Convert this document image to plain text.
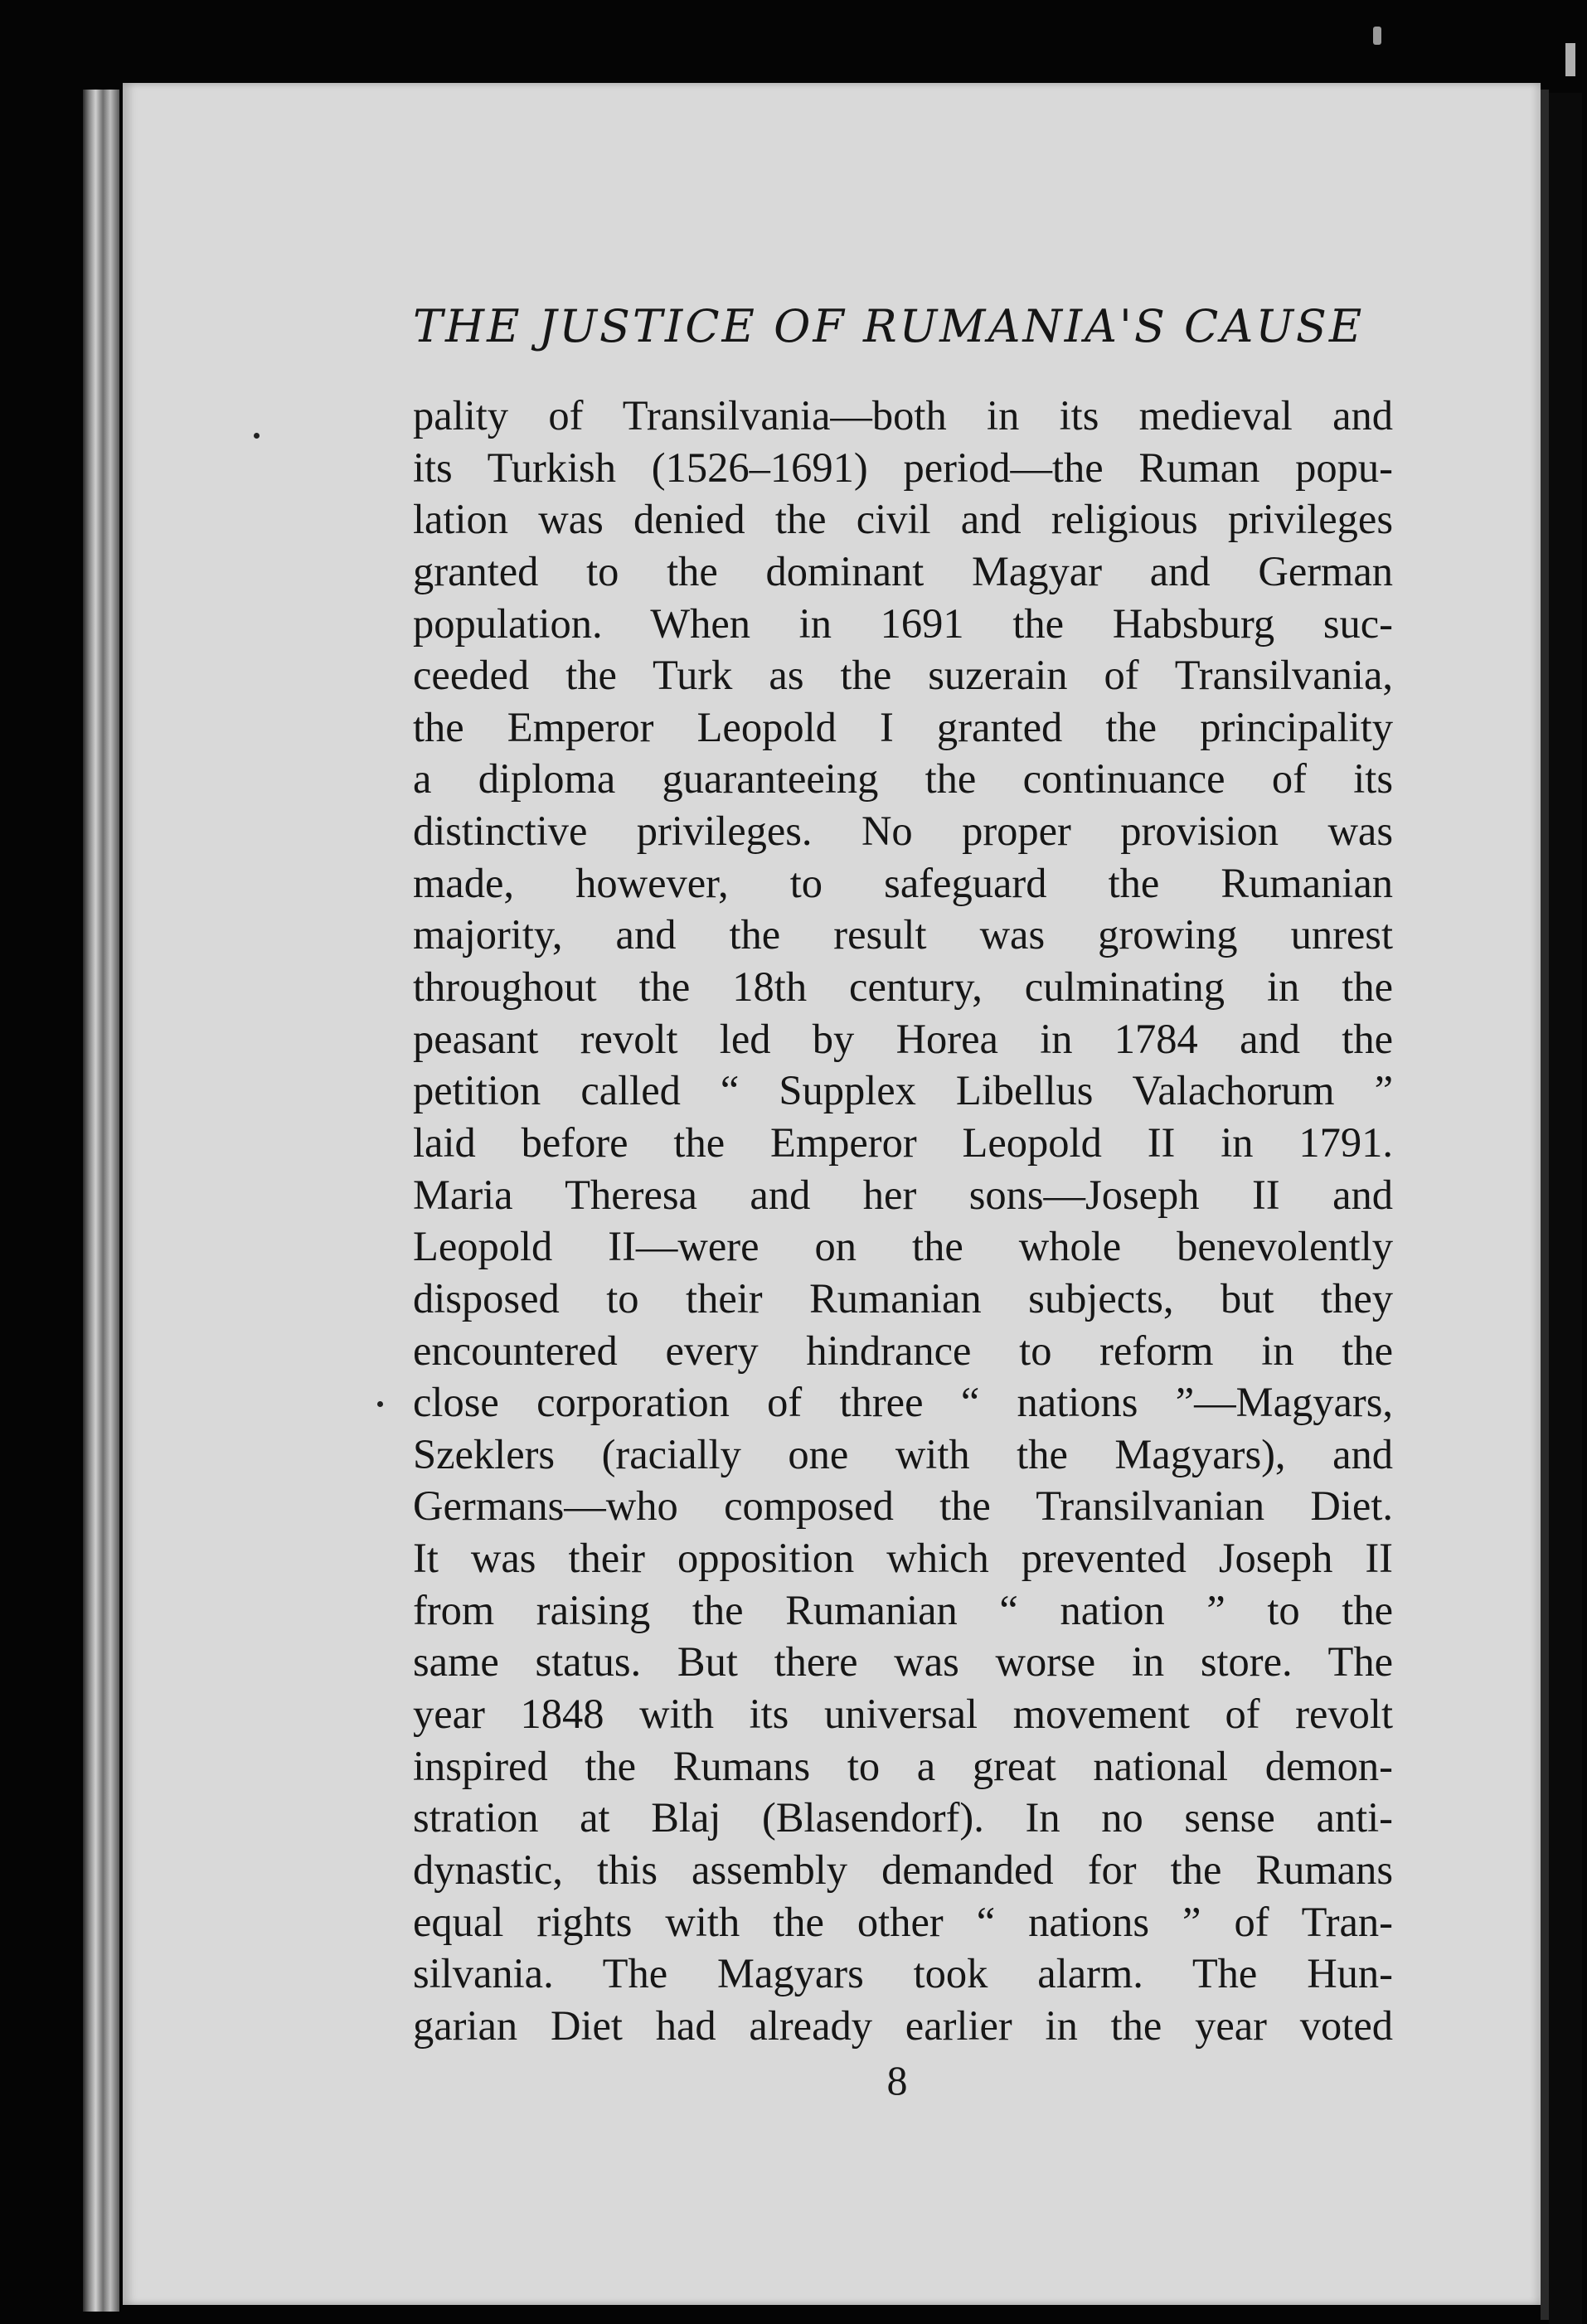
THE JUSTICE OF RUMANIA'S CAUSE
pality of Transilvania—both in its medieval and
its Turkish (1526–1691) period—the Ruman popu-
lation was denied the civil and religious privileges
granted to the dominant Magyar and German
population. When in 1691 the Habsburg suc-
ceeded the Turk as the suzerain of Transilvania,
the Emperor Leopold I granted the principality
a diploma guaranteeing the continuance of its
distinctive privileges. No proper provision was
made, however, to safeguard the Rumanian
majority, and the result was growing unrest
throughout the 18th century, culminating in the
peasant revolt led by Horea in 1784 and the
petition called “ Supplex Libellus Valachorum ”
laid before the Emperor Leopold II in 1791.
Maria Theresa and her sons—Joseph II and
Leopold II—were on the whole benevolently
disposed to their Rumanian subjects, but they
encountered every hindrance to reform in the
close corporation of three “ nations ”—Magyars,
Szeklers (racially one with the Magyars), and
Germans—who composed the Transilvanian Diet.
It was their opposition which prevented Joseph II
from raising the Rumanian “ nation ” to the
same status. But there was worse in store. The
year 1848 with its universal movement of revolt
inspired the Rumans to a great national demon-
stration at Blaj (Blasendorf). In no sense anti-
dynastic, this assembly demanded for the Rumans
equal rights with the other “ nations ” of Tran-
silvania. The Magyars took alarm. The Hun-
garian Diet had already earlier in the year voted
8
